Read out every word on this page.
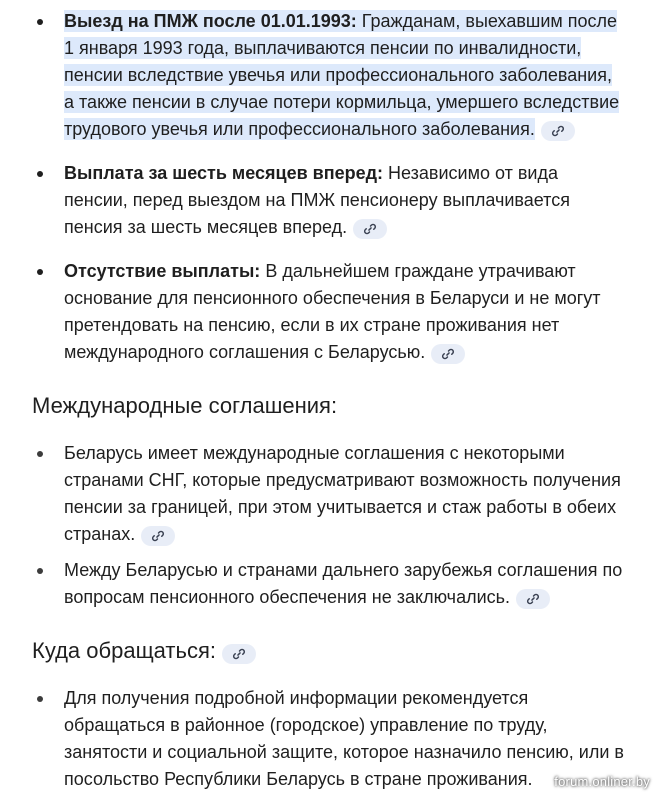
Выезд на ПМЖ после 01.01.1993: Гражданам, выехавшим после 1 января 1993 года, выплачиваются пенсии по инвалидности, пенсии вследствие увечья или профессионального заболевания, а также пенсии в случае потери кормильца, умершего вследствие трудового увечья или профессионального заболевания.
Выплата за шесть месяцев вперед: Независимо от вида пенсии, перед выездом на ПМЖ пенсионеру выплачивается пенсия за шесть месяцев вперед.
Отсутствие выплаты: В дальнейшем граждане утрачивают основание для пенсионного обеспечения в Беларуси и не могут претендовать на пенсию, если в их стране проживания нет международного соглашения с Беларусью.
Международные соглашения:
Беларусь имеет международные соглашения с некоторыми странами СНГ, которые предусматривают возможность получения пенсии за границей, при этом учитывается и стаж работы в обеих странах.
Между Беларусью и странами дальнего зарубежья соглашения по вопросам пенсионного обеспечения не заключались.
Куда обращаться:
Для получения подробной информации рекомендуется обращаться в районное (городское) управление по труду, занятости и социальной защите, которое назначило пенсию, или в посольство Республики Беларусь в стране проживания.	forum.onliner.by
